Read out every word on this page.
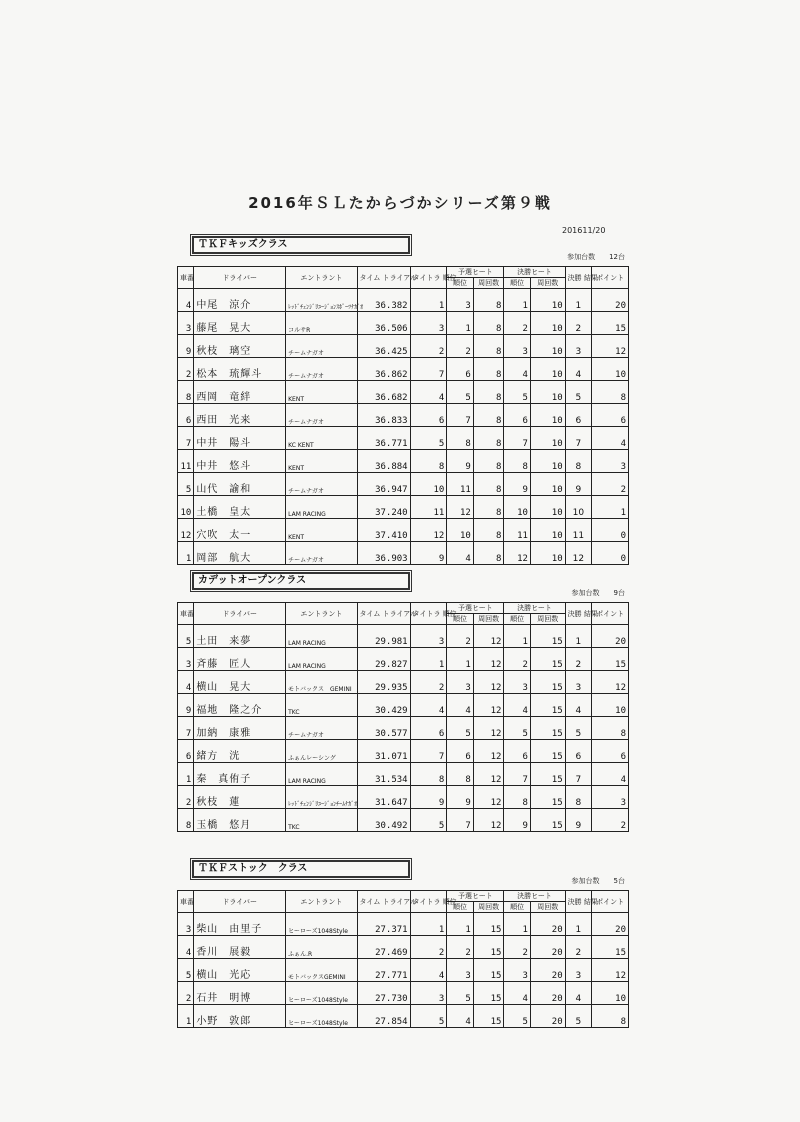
2016年ＳＬたからづかシリーズ第９戦
201611/20
ＴＫＦキッズクラス
参加台数　　12台
車番	ドライバー	エントラント	タイム トライアル	タイトラ 順位	予選ヒート		決勝ヒート		決勝 結果	ポイント
					順位	周回数	順位	周回数		
4	中尾　涼介	ﾚｯﾄﾞﾁｪﾝｼﾞﾘﾕｰｼﾞｮﾝｽﾎﾟｰﾂﾅｶﾞｵ	36.382	1	3	8	1	10	1	20
3	藤尾　晃大	コルサR	36.506	3	1	8	2	10	2	15
9	秋枝　璃空	チームナガオ	36.425	2	2	8	3	10	3	12
2	松本　琉輝斗	チームナガオ	36.862	7	6	8	4	10	4	10
8	西岡　竜絆	KENT	36.682	4	5	8	5	10	5	8
6	西田　光来	チームナガオ	36.833	6	7	8	6	10	6	6
7	中井　陽斗	KC KENT	36.771	5	8	8	7	10	7	4
11	中井　悠斗	KENT	36.884	8	9	8	8	10	8	3
5	山代　諭和	チームナガオ	36.947	10	11	8	9	10	9	2
10	土橋　皇太	LAM RACING	37.240	11	12	8	10	10	10	1
12	穴吹　太一	KENT	37.410	12	10	8	11	10	11	0
1	岡部　航大	チームナガオ	36.903	9	4	8	12	10	12	0
カデットオープンクラス
参加台数　　9台
車番	ドライバー	エントラント	タイム トライアル	タイトラ 順位	予選ヒート		決勝ヒート		決勝 結果	ポイント
					順位	周回数	順位	周回数		
5	土田　来夢	LAM RACING	29.981	3	2	12	1	15	1	20
3	斉藤　匠人	LAM RACING	29.827	1	1	12	2	15	2	15
4	横山　晃大	モトバックス　GEMINI	29.935	2	3	12	3	15	3	12
9	福地　隆之介	TKC	30.429	4	4	12	4	15	4	10
7	加納　康雅	チームナガオ	30.577	6	5	12	5	15	5	8
6	緒方　洸	ふぁんレーシング	31.071	7	6	12	6	15	6	6
1	秦　真侑子	LAM RACING	31.534	8	8	12	7	15	7	4
2	秋枝　蓮	ﾚｯﾄﾞﾁｪﾝｼﾞﾘﾕｰｼﾞｮﾝﾁｰﾑﾅｶﾞｵ	31.647	9	9	12	8	15	8	3
8	玉橋　悠月	TKC	30.492	5	7	12	9	15	9	2
ＴＫＦストック　クラス
参加台数　　5台
車番	ドライバー	エントラント	タイム トライアル	タイトラ 順位	予選ヒート		決勝ヒート		決勝 結果	ポイント
					順位	周回数	順位	周回数		
3	柴山　由里子	ヒーローズ1048Style	27.371	1	1	15	1	20	1	20
4	香川　展毅	ふぁん.R	27.469	2	2	15	2	20	2	15
5	横山　光応	モトバックスGEMINI	27.771	4	3	15	3	20	3	12
2	石井　明博	ヒーローズ1048Style	27.730	3	5	15	4	20	4	10
1	小野　敦郎	ヒーローズ1048Style	27.854	5	4	15	5	20	5	8
